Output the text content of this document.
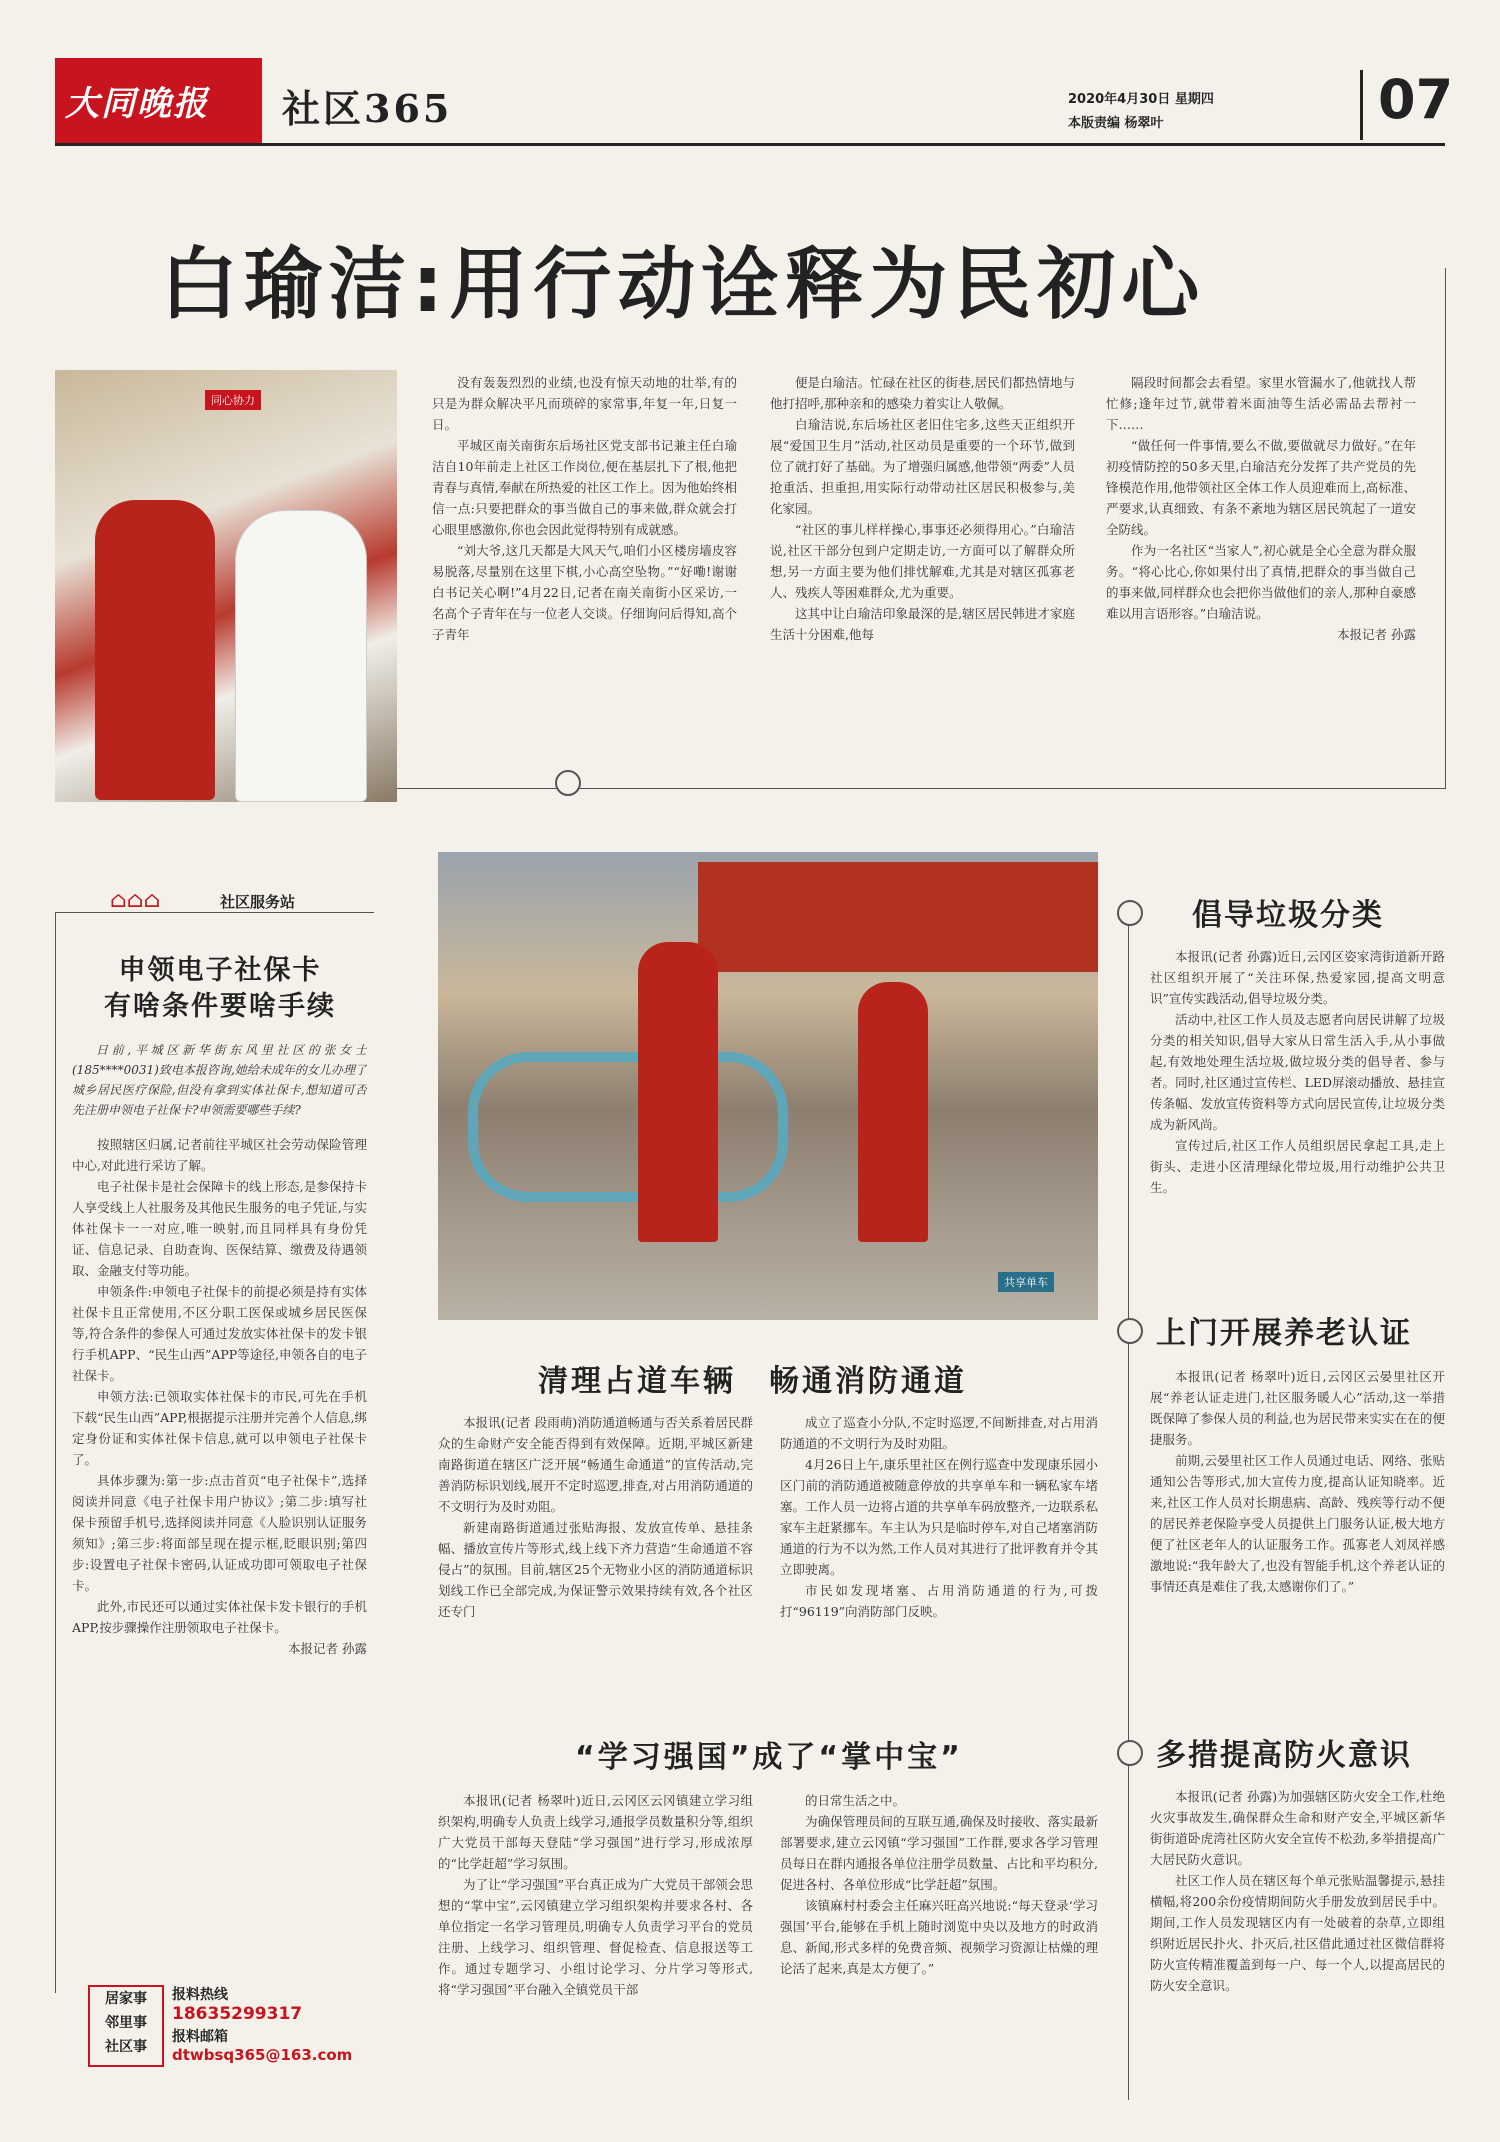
大同晚报 社区365	2020年4月30日 星期四
本版责编 杨翠叶	07
白瑜洁:用行动诠释为民初心
同心协力

没有轰轰烈烈的业绩,也没有惊天动地的壮举,有的只是为群众解决平凡而琐碎的家常事,年复一年,日复一日。

平城区南关南街东后场社区党支部书记兼主任白瑜洁自10年前走上社区工作岗位,便在基层扎下了根,他把青春与真情,奉献在所热爱的社区工作上。因为他始终相信一点:只要把群众的事当做自己的事来做,群众就会打心眼里感激你,你也会因此觉得特别有成就感。

“刘大爷,这几天都是大风天气,咱们小区楼房墙皮容易脱落,尽量别在这里下棋,小心高空坠物。”“好嘞!谢谢白书记关心啊!”4月22日,记者在南关南街小区采访,一名高个子青年在与一位老人交谈。仔细询问后得知,高个子青年

便是白瑜洁。忙碌在社区的街巷,居民们都热情地与他打招呼,那种亲和的感染力着实让人敬佩。

白瑜洁说,东后场社区老旧住宅多,这些天正组织开展“爱国卫生月”活动,社区动员是重要的一个环节,做到位了就打好了基础。为了增强归属感,他带领“两委”人员抢重活、担重担,用实际行动带动社区居民积极参与,美化家园。

“社区的事儿样样操心,事事还必须得用心。”白瑜洁说,社区干部分包到户定期走访,一方面可以了解群众所想,另一方面主要为他们排忧解难,尤其是对辖区孤寡老人、残疾人等困难群众,尤为重要。

这其中让白瑜洁印象最深的是,辖区居民韩进才家庭生活十分困难,他每

隔段时间都会去看望。家里水管漏水了,他就找人帮忙修;逢年过节,就带着米面油等生活必需品去帮衬一下……

“做任何一件事情,要么不做,要做就尽力做好。”在年初疫情防控的50多天里,白瑜洁充分发挥了共产党员的先锋模范作用,他带领社区全体工作人员迎难而上,高标准、严要求,认真细致、有条不紊地为辖区居民筑起了一道安全防线。

作为一名社区“当家人”,初心就是全心全意为群众服务。“将心比心,你如果付出了真情,把群众的事当做自己的事来做,同样群众也会把你当做他们的亲人,那种自豪感难以用言语形容。”白瑜洁说。

本报记者 孙露
⌂⌂⌂	社区服务站
申领电子社保卡
有啥条件要啥手续

日前,平城区新华街东风里社区的张女士(185****0031)致电本报咨询,她给未成年的女儿办理了城乡居民医疗保险,但没有拿到实体社保卡,想知道可否先注册申领电子社保卡?申领需要哪些手续?

按照辖区归属,记者前往平城区社会劳动保险管理中心,对此进行采访了解。

电子社保卡是社会保障卡的线上形态,是参保持卡人享受线上人社服务及其他民生服务的电子凭证,与实体社保卡一一对应,唯一映射,而且同样具有身份凭证、信息记录、自助查询、医保结算、缴费及待遇领取、金融支付等功能。

申领条件:申领电子社保卡的前提必须是持有实体社保卡且正常使用,不区分职工医保或城乡居民医保等,符合条件的参保人可通过发放实体社保卡的发卡银行手机APP、“民生山西”APP等途径,申领各自的电子社保卡。

申领方法:已领取实体社保卡的市民,可先在手机下载“民生山西”APP,根据提示注册并完善个人信息,绑定身份证和实体社保卡信息,就可以申领电子社保卡了。

具体步骤为:第一步:点击首页“电子社保卡”,选择阅读并同意《电子社保卡用户协议》;第二步:填写社保卡预留手机号,选择阅读并同意《人脸识别认证服务须知》;第三步:将面部呈现在提示框,眨眼识别;第四步:设置电子社保卡密码,认证成功即可领取电子社保卡。

此外,市民还可以通过实体社保卡发卡银行的手机APP,按步骤操作注册领取电子社保卡。

本报记者 孙露
居家事
邻里事
社区事
报料热线
18635299317
报料邮箱
dtwbsq365@163.com
共享单车
清理占道车辆　畅通消防通道

本报讯(记者 段雨萌)消防通道畅通与否关系着居民群众的生命财产安全能否得到有效保障。近期,平城区新建南路街道在辖区广泛开展“畅通生命通道”的宣传活动,完善消防标识划线,展开不定时巡逻,排查,对占用消防通道的不文明行为及时劝阻。

新建南路街道通过张贴海报、发放宣传单、悬挂条幅、播放宣传片等形式,线上线下齐力营造“生命通道不容侵占”的氛围。目前,辖区25个无物业小区的消防通道标识划线工作已全部完成,为保证警示效果持续有效,各个社区还专门

成立了巡查小分队,不定时巡逻,不间断排查,对占用消防通道的不文明行为及时劝阻。

4月26日上午,康乐里社区在例行巡查中发现康乐园小区门前的消防通道被随意停放的共享单车和一辆私家车堵塞。工作人员一边将占道的共享单车码放整齐,一边联系私家车主赶紧挪车。车主认为只是临时停车,对自己堵塞消防通道的行为不以为然,工作人员对其进行了批评教育并令其立即驶离。

市民如发现堵塞、占用消防通道的行为,可拨打“96119”向消防部门反映。

“学习强国”成了“掌中宝”

本报讯(记者 杨翠叶)近日,云冈区云冈镇建立学习组织架构,明确专人负责上线学习,通报学员数量积分等,组织广大党员干部每天登陆“学习强国”进行学习,形成浓厚的“比学赶超”学习氛围。

为了让“学习强国”平台真正成为广大党员干部领会思想的“掌中宝”,云冈镇建立学习组织架构并要求各村、各单位指定一名学习管理员,明确专人负责学习平台的党员注册、上线学习、组织管理、督促检查、信息报送等工作。通过专题学习、小组讨论学习、分片学习等形式,将“学习强国”平台融入全镇党员干部

的日常生活之中。

为确保管理员间的互联互通,确保及时接收、落实最新部署要求,建立云冈镇“学习强国”工作群,要求各学习管理员每日在群内通报各单位注册学员数量、占比和平均积分,促进各村、各单位形成“比学赶超”氛围。

该镇麻村村委会主任麻兴旺高兴地说:“每天登录‘学习强国’平台,能够在手机上随时浏览中央以及地方的时政消息、新闻,形式多样的免费音频、视频学习资源让枯燥的理论活了起来,真是太方便了。”

倡导垃圾分类

本报讯(记者 孙露)近日,云冈区姿家湾街道新开路社区组织开展了“关注环保,热爱家园,提高文明意识”宣传实践活动,倡导垃圾分类。

活动中,社区工作人员及志愿者向居民讲解了垃圾分类的相关知识,倡导大家从日常生活入手,从小事做起,有效地处理生活垃圾,做垃圾分类的倡导者、参与者。同时,社区通过宣传栏、LED屏滚动播放、悬挂宣传条幅、发放宣传资料等方式向居民宣传,让垃圾分类成为新风尚。

宣传过后,社区工作人员组织居民拿起工具,走上街头、走进小区清理绿化带垃圾,用行动维护公共卫生。

上门开展养老认证

本报讯(记者 杨翠叶)近日,云冈区云晏里社区开展“养老认证走进门,社区服务暖人心”活动,这一举措既保障了参保人员的利益,也为居民带来实实在在的便捷服务。

前期,云晏里社区工作人员通过电话、网络、张贴通知公告等形式,加大宣传力度,提高认证知晓率。近来,社区工作人员对长期患病、高龄、残疾等行动不便的居民养老保险享受人员提供上门服务认证,极大地方便了社区老年人的认证服务工作。孤寡老人刘凤祥感激地说:“我年龄大了,也没有智能手机,这个养老认证的事情还真是难住了我,太感谢你们了。”

多措提高防火意识

本报讯(记者 孙露)为加强辖区防火安全工作,杜绝火灾事故发生,确保群众生命和财产安全,平城区新华街街道卧虎湾社区防火安全宣传不松劲,多举措提高广大居民防火意识。

社区工作人员在辖区每个单元张贴温馨提示,悬挂横幅,将200余份疫情期间防火手册发放到居民手中。期间,工作人员发现辖区内有一处破着的杂草,立即组织附近居民扑火、扑灭后,社区借此通过社区微信群将防火宣传精准覆盖到每一户、每一个人,以提高居民的防火安全意识。
